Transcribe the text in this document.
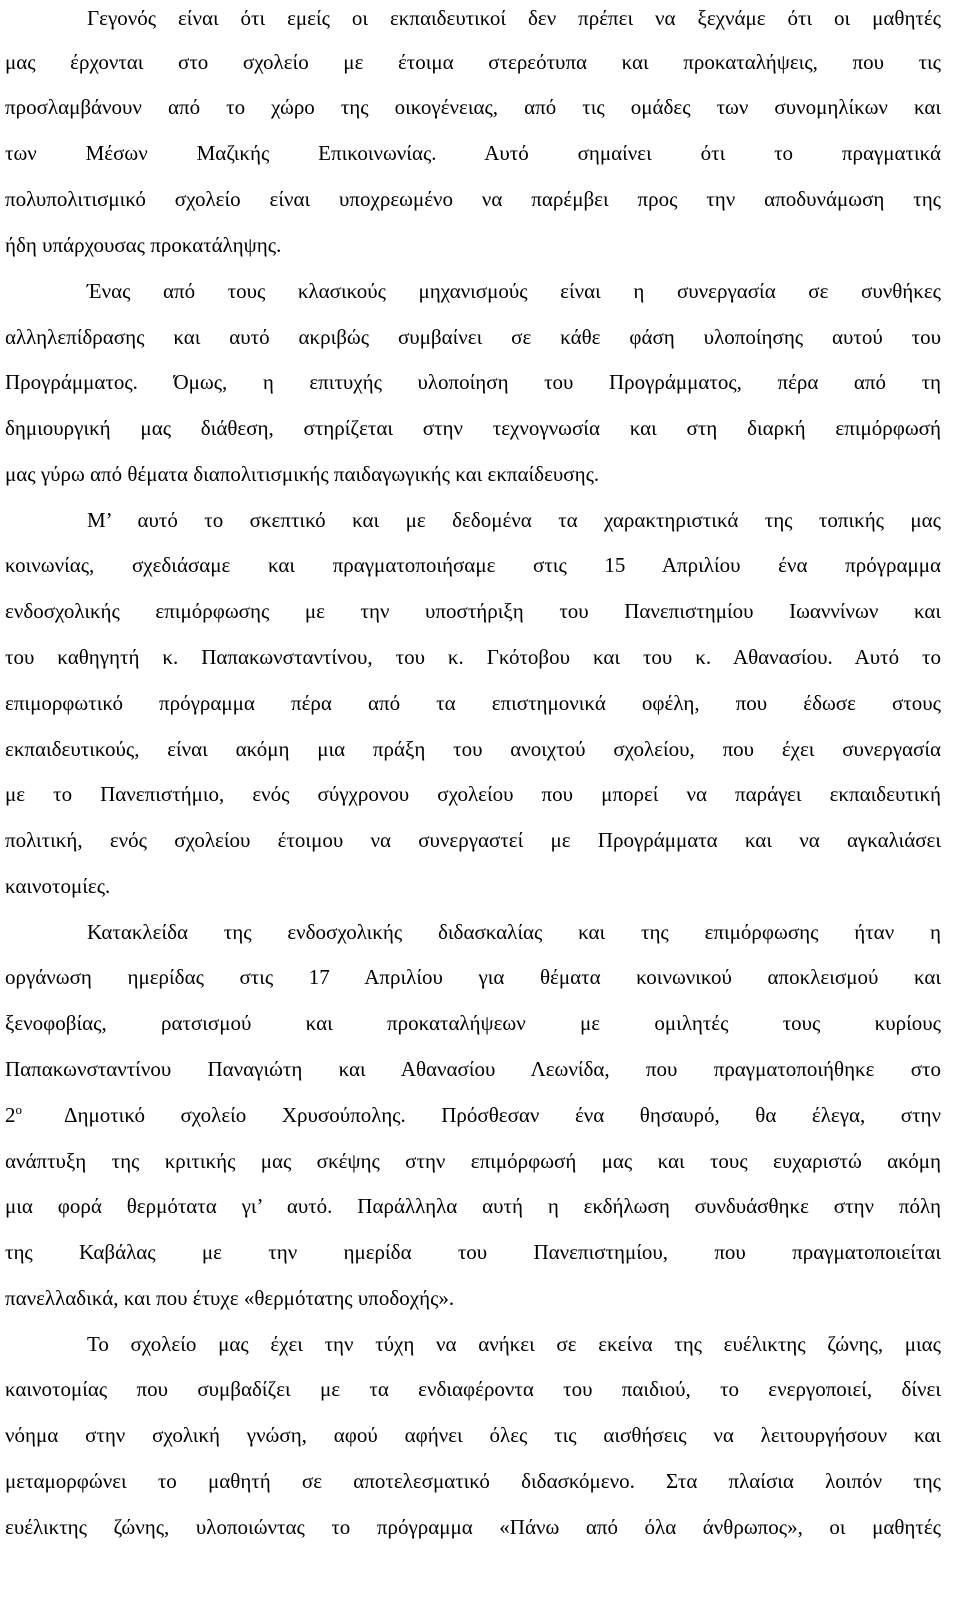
Γεγονός είναι ότι εμείς οι εκπαιδευτικοί δεν πρέπει να ξεχνάμε ότι οι μαθητές
μας έρχονται στο σχολείο με έτοιμα στερεότυπα και προκαταλήψεις, που τις
προσλαμβάνουν από το χώρο της οικογένειας, από τις ομάδες των συνομηλίκων και
των Μέσων Μαζικής Επικοινωνίας. Αυτό σημαίνει ότι το πραγματικά
πολυπολιτισμικό σχολείο είναι υποχρεωμένο να παρέμβει προς την αποδυνάμωση της
ήδη υπάρχουσας προκατάληψης.
Ένας από τους κλασικούς μηχανισμούς είναι η συνεργασία σε συνθήκες
αλληλεπίδρασης και αυτό ακριβώς συμβαίνει σε κάθε φάση υλοποίησης αυτού του
Προγράμματος. Όμως, η επιτυχής υλοποίηση του Προγράμματος, πέρα από τη
δημιουργική μας διάθεση, στηρίζεται στην τεχνογνωσία και στη διαρκή επιμόρφωσή
μας γύρω από θέματα διαπολιτισμικής παιδαγωγικής και εκπαίδευσης.
Μ’ αυτό το σκεπτικό και με δεδομένα τα χαρακτηριστικά της τοπικής μας
κοινωνίας, σχεδιάσαμε και πραγματοποιήσαμε στις 15 Απριλίου ένα πρόγραμμα
ενδοσχολικής επιμόρφωσης με την υποστήριξη του Πανεπιστημίου Ιωαννίνων και
του καθηγητή κ. Παπακωνσταντίνου, του κ. Γκότοβου και του κ. Αθανασίου. Αυτό το
επιμορφωτικό πρόγραμμα πέρα από τα επιστημονικά οφέλη, που έδωσε στους
εκπαιδευτικούς, είναι ακόμη μια πράξη του ανοιχτού σχολείου, που έχει συνεργασία
με το Πανεπιστήμιο, ενός σύγχρονου σχολείου που μπορεί να παράγει εκπαιδευτική
πολιτική, ενός σχολείου έτοιμου να συνεργαστεί με Προγράμματα και να αγκαλιάσει
καινοτομίες.
Κατακλείδα της ενδοσχολικής διδασκαλίας και της επιμόρφωσης ήταν η
οργάνωση ημερίδας στις 17 Απριλίου για θέματα κοινωνικού αποκλεισμού και
ξενοφοβίας, ρατσισμού και προκαταλήψεων με ομιλητές τους κυρίους
Παπακωνσταντίνου Παναγιώτη και Αθανασίου Λεωνίδα, που πραγματοποιήθηκε στο
$2^o$	Δημοτικό σχολείο Χρυσούπολης. Πρόσθεσαν ένα θησαυρό, θα έλεγα, στην
ανάπτυξη της κριτικής μας σκέψης στην επιμόρφωσή μας και τους ευχαριστώ ακόμη
μια φορά θερμότατα γι’ αυτό. Παράλληλα αυτή η εκδήλωση συνδυάσθηκε στην πόλη
της Καβάλας με την ημερίδα του Πανεπιστημίου, που πραγματοποιείται
πανελλαδικά, και που έτυχε «θερμότατης υποδοχής».
Το σχολείο μας έχει την τύχη να ανήκει σε εκείνα της ευέλικτης ζώνης, μιας
καινοτομίας που συμβαδίζει με τα ενδιαφέροντα του παιδιού, το ενεργοποιεί, δίνει
νόημα στην σχολική γνώση, αφού αφήνει όλες τις αισθήσεις να λειτουργήσουν και
μεταμορφώνει το μαθητή σε αποτελεσματικό διδασκόμενο. Στα πλαίσια λοιπόν της
ευέλικτης ζώνης, υλοποιώντας το πρόγραμμα «Πάνω από όλα άνθρωπος», οι μαθητές
